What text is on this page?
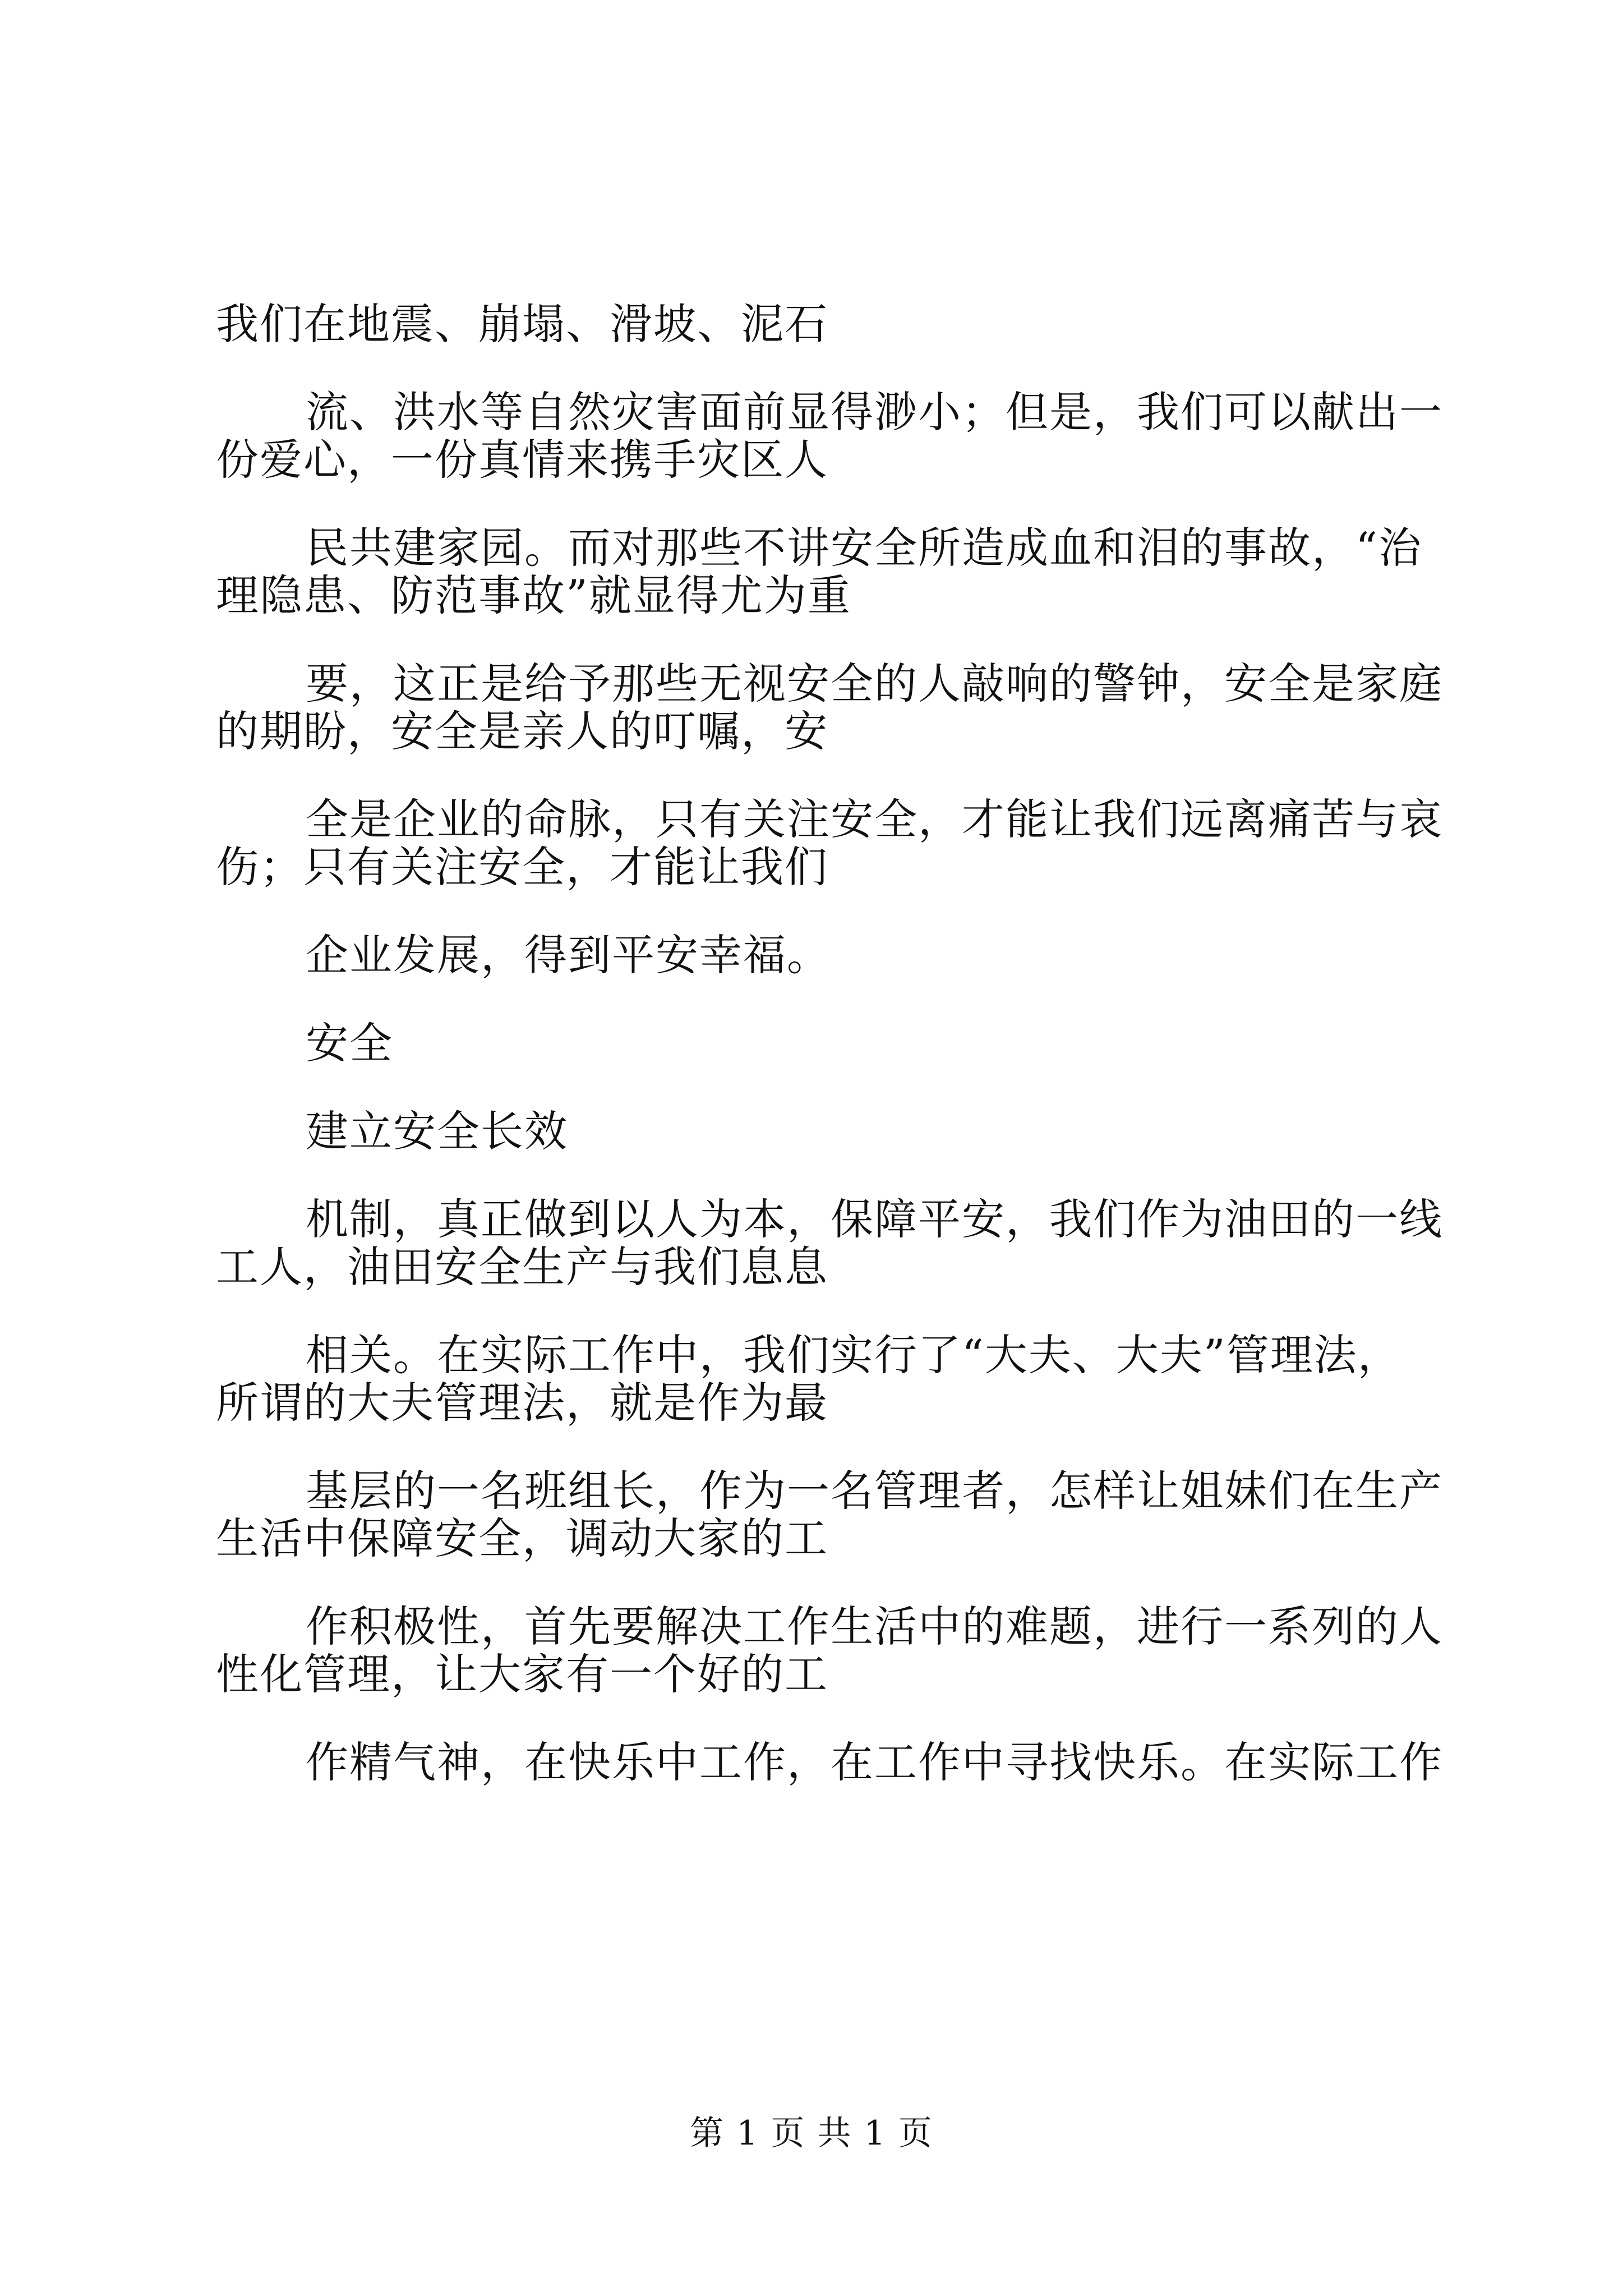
我们在地震、崩塌、滑坡、泥石
流、洪水等自然灾害面前显得渺小；但是，我们可以献出一
份爱心，一份真情来携手灾区人
民共建家园。而对那些不讲安全所造成血和泪的事故，“治
理隐患、防范事故”就显得尤为重
要，这正是给予那些无视安全的人敲响的警钟，安全是家庭
的期盼，安全是亲人的叮嘱，安
全是企业的命脉，只有关注安全，才能让我们远离痛苦与哀
伤；只有关注安全，才能让我们
企业发展，得到平安幸福。
安全
建立安全长效
机制，真正做到以人为本，保障平安，我们作为油田的一线
工人，油田安全生产与我们息息
相关。在实际工作中，我们实行了“大夫、大夫”管理法，
所谓的大夫管理法，就是作为最
基层的一名班组长，作为一名管理者，怎样让姐妹们在生产
生活中保障安全，调动大家的工
作积极性，首先要解决工作生活中的难题，进行一系列的人
性化管理，让大家有一个好的工
作精气神，在快乐中工作，在工作中寻找快乐。在实际工作
第 1 页 共 1 页
